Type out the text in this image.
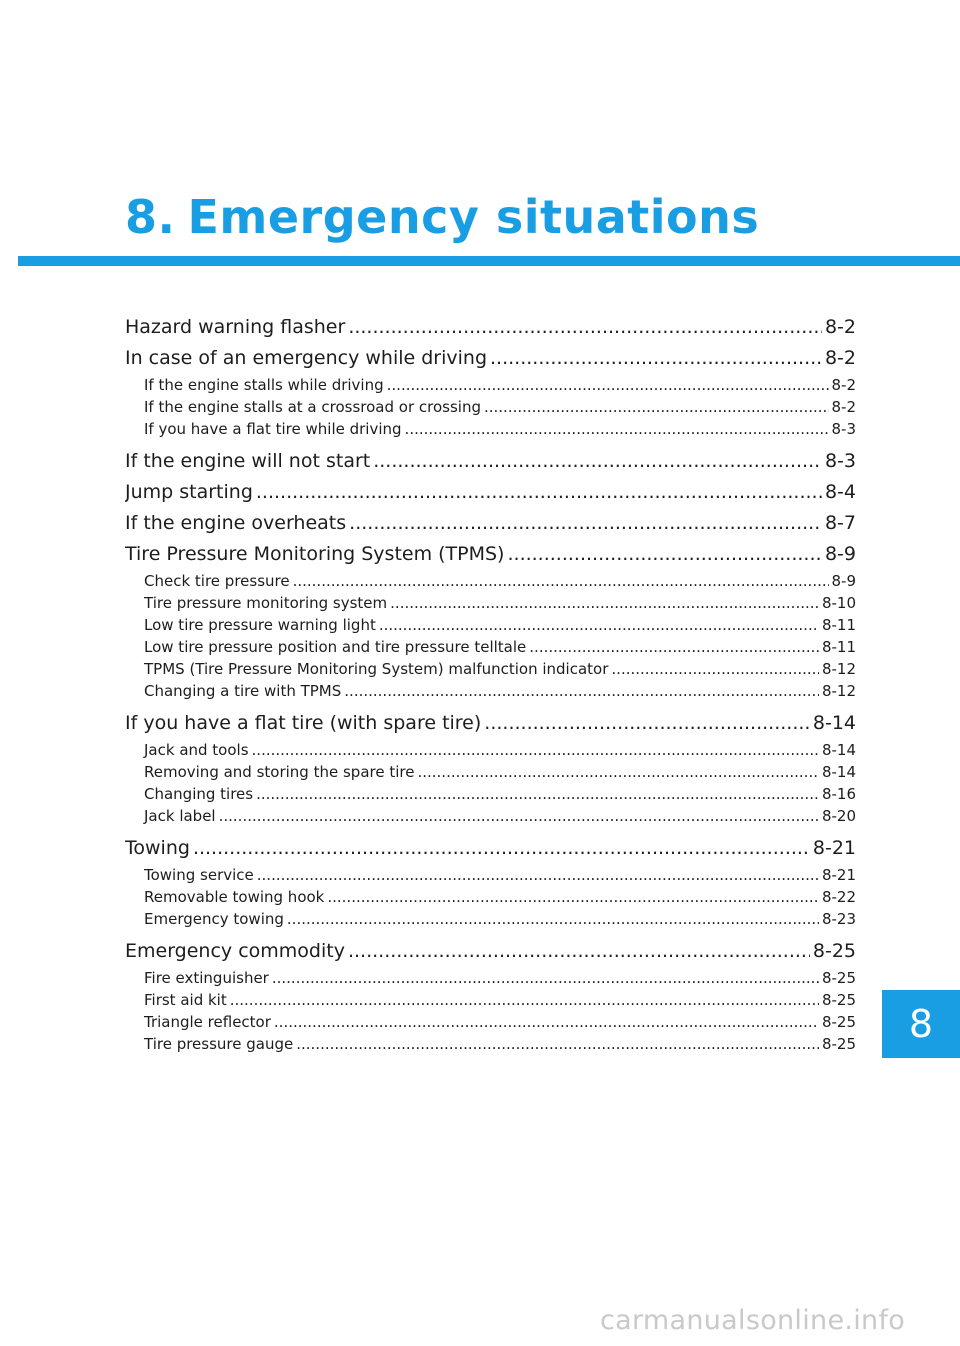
8. Emergency situations
Hazard warning flasher .....	8-2
In case of an emergency while driving .....	8-2
If the engine stalls while driving .....	8-2
If the engine stalls at a crossroad or crossing .....	8-2
If you have a flat tire while driving .....	8-3
If the engine will not start .....	8-3
Jump starting .....	8-4
If the engine overheats .....	8-7
Tire Pressure Monitoring System (TPMS) .....	8-9
Check tire pressure .....	8-9
Tire pressure monitoring system .....	8-10
Low tire pressure warning light .....	8-11
Low tire pressure position and tire pressure telltale .....	8-11
TPMS (Tire Pressure Monitoring System) malfunction indicator .....	8-12
Changing a tire with TPMS .....	8-12
If you have a flat tire (with spare tire) .....	8-14
Jack and tools .....	8-14
Removing and storing the spare tire .....	8-14
Changing tires .....	8-16
Jack label .....	8-20
Towing .....	8-21
Towing service .....	8-21
Removable towing hook .....	8-22
Emergency towing .....	8-23
Emergency commodity .....	8-25
Fire extinguisher .....	8-25
First aid kit .....	8-25
Triangle reflector .....	8-25
Tire pressure gauge .....	8-25 8
carmanualsonline.info
